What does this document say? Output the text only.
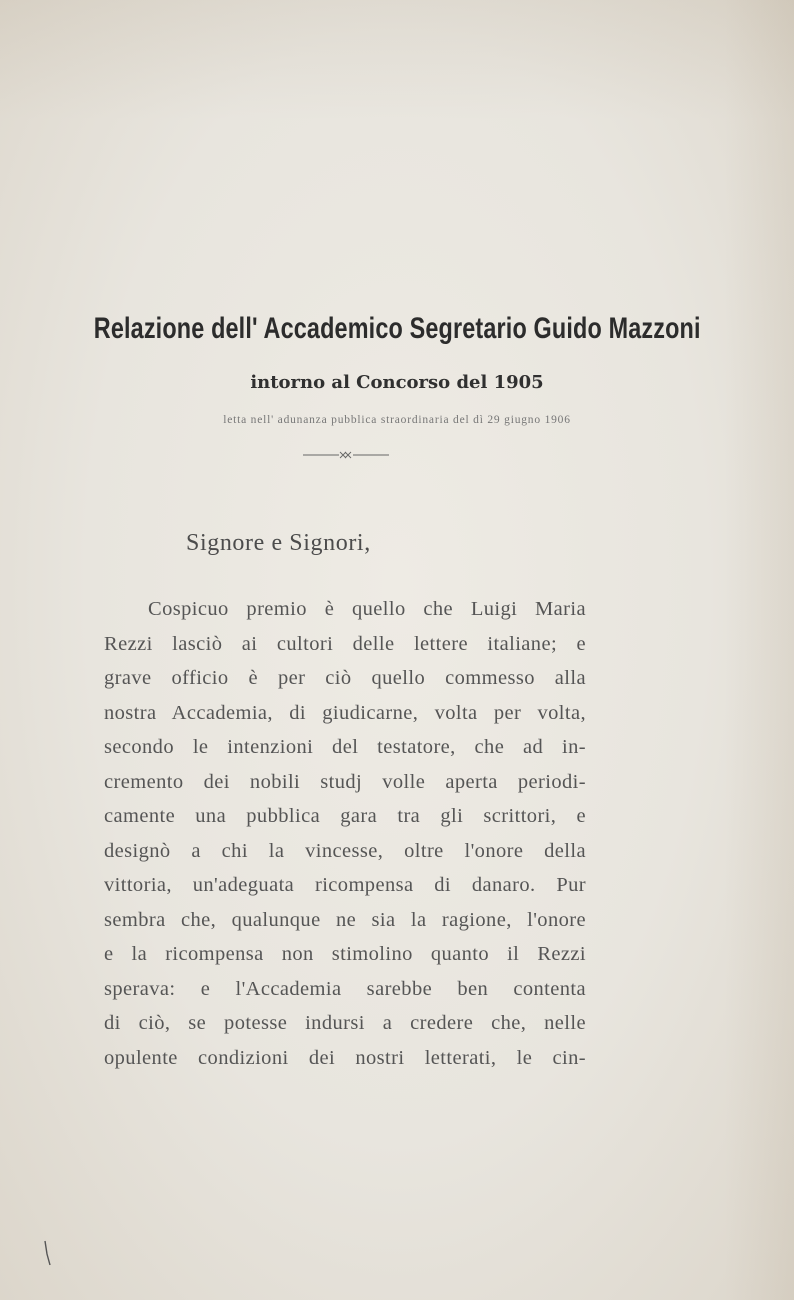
Relazione dell' Accademico Segretario Guido Mazzoni
intorno al Concorso del 1905

letta nell' adunanza pubblica straordinaria del dì 29 giugno 1906

Signore e Signori,

Cospicuo premio è quello che Luigi Maria
Rezzi lasciò ai cultori delle lettere italiane; e
grave officio è per ciò quello commesso alla
nostra Accademia, di giudicarne, volta per volta,
secondo le intenzioni del testatore, che ad in-
cremento dei nobili studj volle aperta periodi-
camente una pubblica gara tra gli scrittori, e
designò a chi la vincesse, oltre l'onore della
vittoria, un'adeguata ricompensa di danaro. Pur
sembra che, qualunque ne sia la ragione, l'onore
e la ricompensa non stimolino quanto il Rezzi
sperava: e l'Accademia sarebbe ben contenta
di ciò, se potesse indursi a credere che, nelle
opulente condizioni dei nostri letterati, le cin-
